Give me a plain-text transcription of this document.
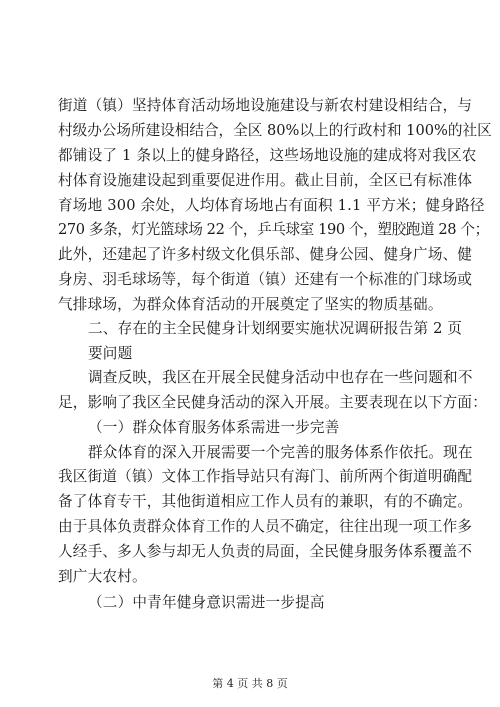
街道（镇）坚持体育活动场地设施建设与新农村建设相结合，与
村级办公场所建设相结合，全区 80%以上的行政村和 100%的社区
都铺设了 1 条以上的健身路径，这些场地设施的建成将对我区农
村体育设施建设起到重要促进作用。截止目前，全区已有标准体
育场地 300 余处，人均体育场地占有面积 1.1 平方米；健身路径
270 多条，灯光篮球场 22 个，乒乓球室 190 个，塑胶跑道 28 个；
此外，还建起了许多村级文化俱乐部、健身公园、健身广场、健
身房、羽毛球场等，每个街道（镇）还建有一个标准的门球场或
气排球场，为群众体育活动的开展奠定了坚实的物质基础。
二、存在的主全民健身计划纲要实施状况调研报告第 2 页
要问题
调查反映，我区在开展全民健身活动中也存在一些问题和不
足，影响了我区全民健身活动的深入开展。主要表现在以下方面：
（一）群众体育服务体系需进一步完善
群众体育的深入开展需要一个完善的服务体系作依托。现在
我区街道（镇）文体工作指导站只有海门、前所两个街道明确配
备了体育专干，其他街道相应工作人员有的兼职，有的不确定。
由于具体负责群众体育工作的人员不确定，往往出现一项工作多
人经手、多人参与却无人负责的局面，全民健身服务体系覆盖不
到广大农村。
（二）中青年健身意识需进一步提高
第 4 页 共 8 页
